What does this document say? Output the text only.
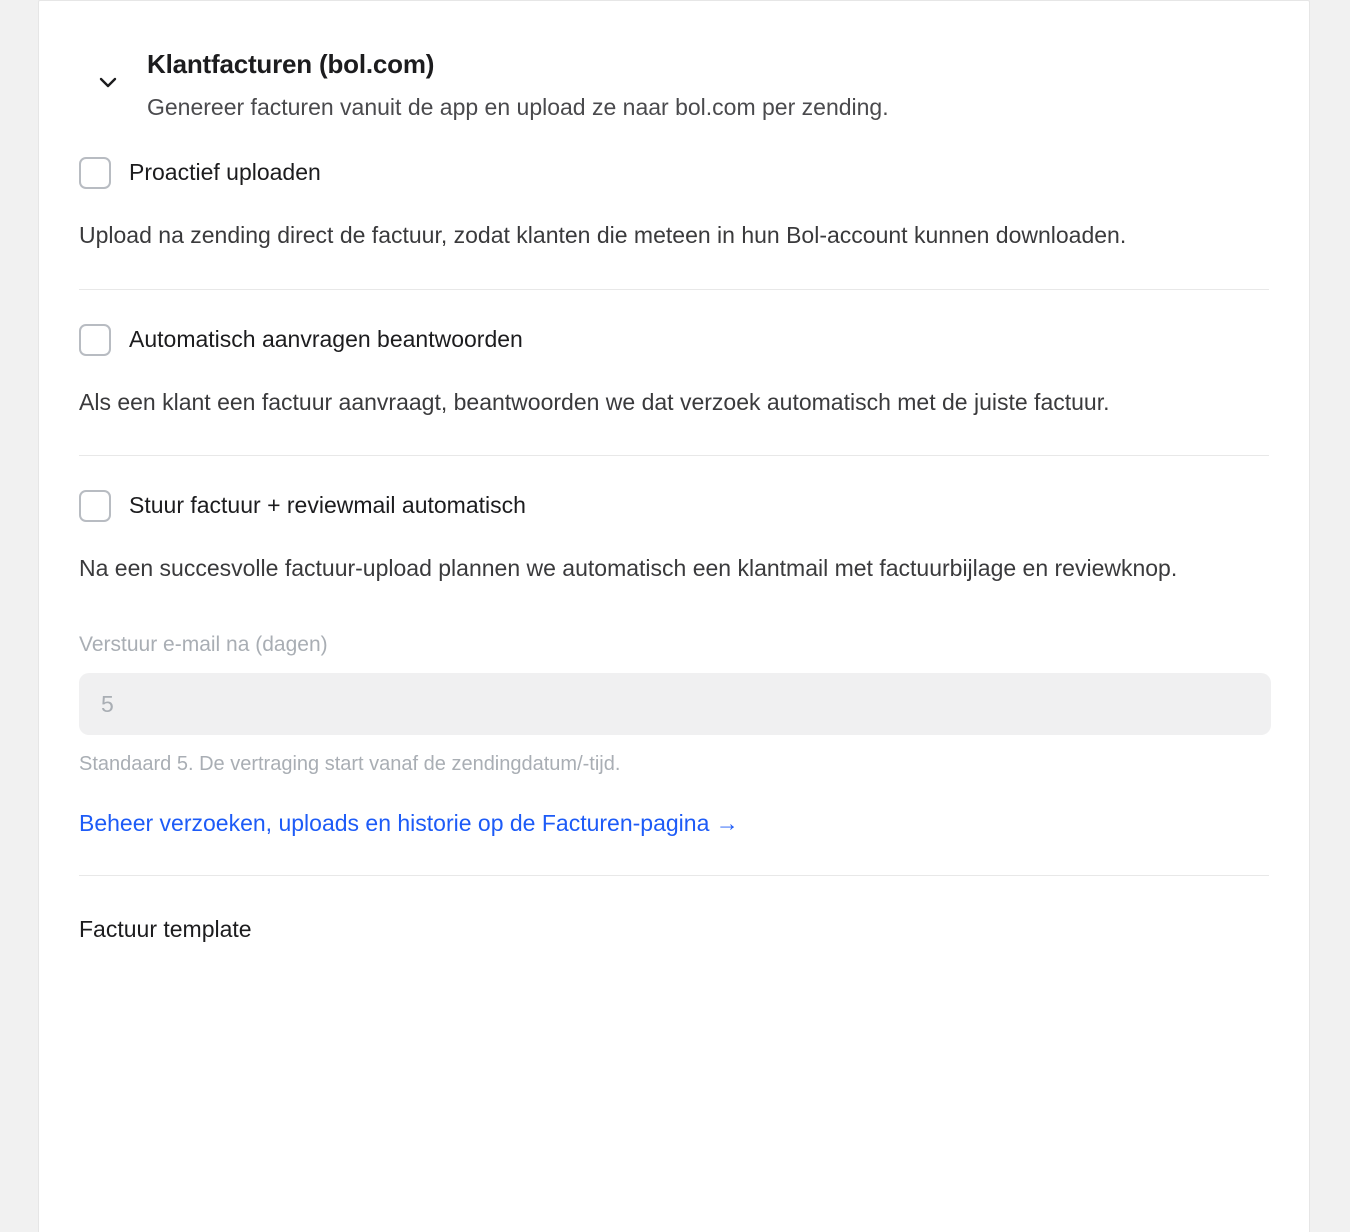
Klantfacturen (bol.com)
Genereer facturen vanuit de app en upload ze naar bol.com per zending.
Proactief uploaden
Upload na zending direct de factuur, zodat klanten die meteen in hun Bol-account kunnen downloaden.
Automatisch aanvragen beantwoorden
Als een klant een factuur aanvraagt, beantwoorden we dat verzoek automatisch met de juiste factuur.
Stuur factuur + reviewmail automatisch
Na een succesvolle factuur-upload plannen we automatisch een klantmail met factuurbijlage en reviewknop.
Verstuur e-mail na (dagen)
5
Standaard 5. De vertraging start vanaf de zendingdatum/-tijd.
Beheer verzoeken, uploads en historie op de Facturen-pagina →
Factuur template
